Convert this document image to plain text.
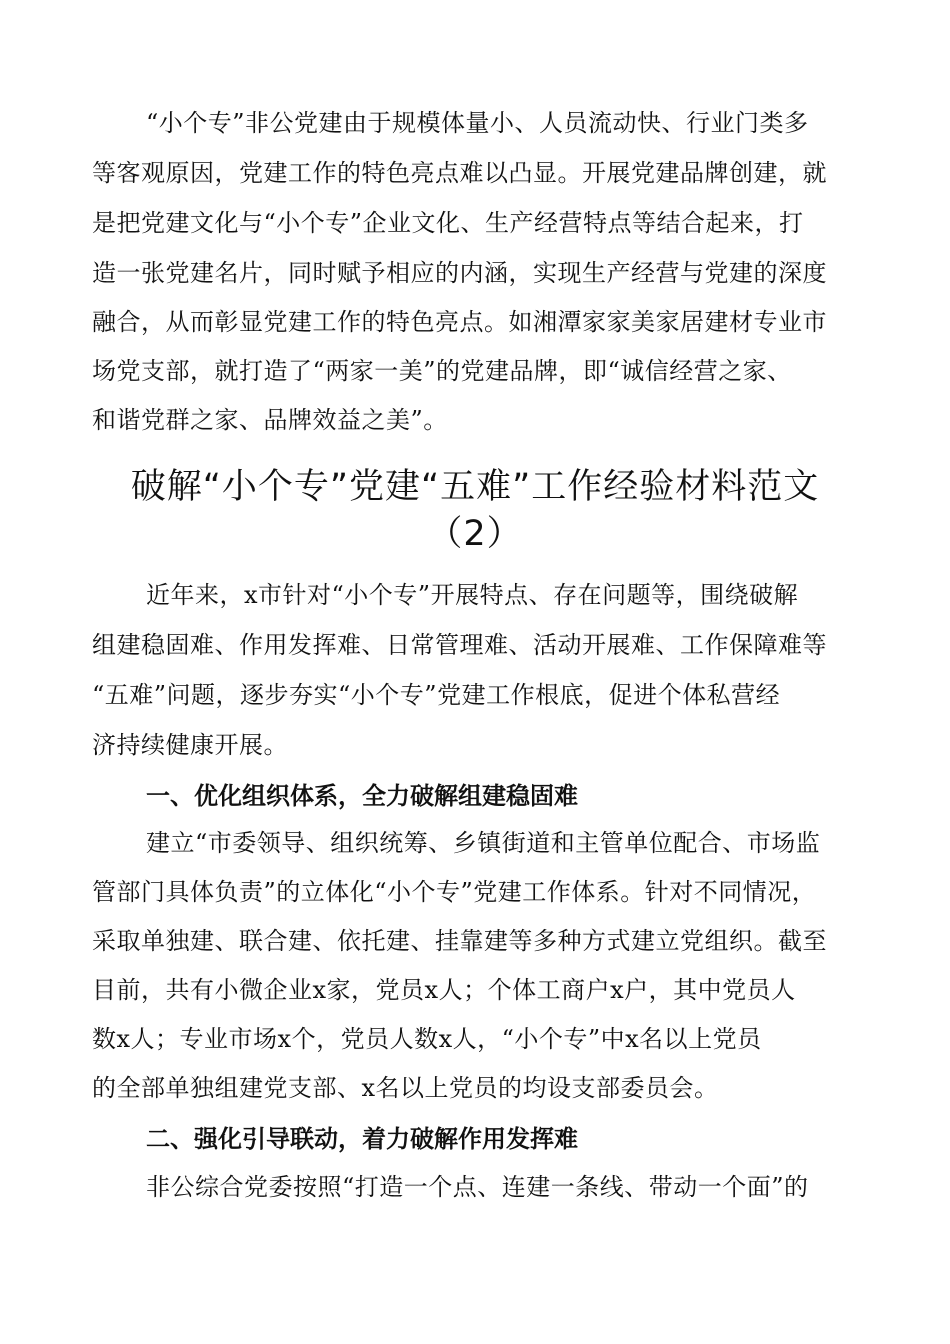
“小个专”非公党建由于规模体量小、人员流动快、行业门类多
等客观原因，党建工作的特色亮点难以凸显。开展党建品牌创建，就
是把党建文化与“小个专”企业文化、生产经营特点等结合起来，打
造一张党建名片，同时赋予相应的内涵，实现生产经营与党建的深度
融合，从而彰显党建工作的特色亮点。如湘潭家家美家居建材专业市
场党支部，就打造了“两家一美”的党建品牌，即“诚信经营之家、
和谐党群之家、品牌效益之美”。
破解“小个专”党建“五难”工作经验材料范文
（2）
近年来，x市针对“小个专”开展特点、存在问题等，围绕破解
组建稳固难、作用发挥难、日常管理难、活动开展难、工作保障难等
“五难”问题，逐步夯实“小个专”党建工作根底，促进个体私营经
济持续健康开展。
一、优化组织体系，全力破解组建稳固难
建立“市委领导、组织统筹、乡镇街道和主管单位配合、市场监
管部门具体负责”的立体化“小个专”党建工作体系。针对不同情况，
采取单独建、联合建、依托建、挂靠建等多种方式建立党组织。截至
目前，共有小微企业x家，党员x人；个体工商户x户，其中党员人
数x人；专业市场x个，党员人数x人，“小个专”中x名以上党员
的全部单独组建党支部、x名以上党员的均设支部委员会。
二、强化引导联动，着力破解作用发挥难
非公综合党委按照“打造一个点、连建一条线、带动一个面”的
